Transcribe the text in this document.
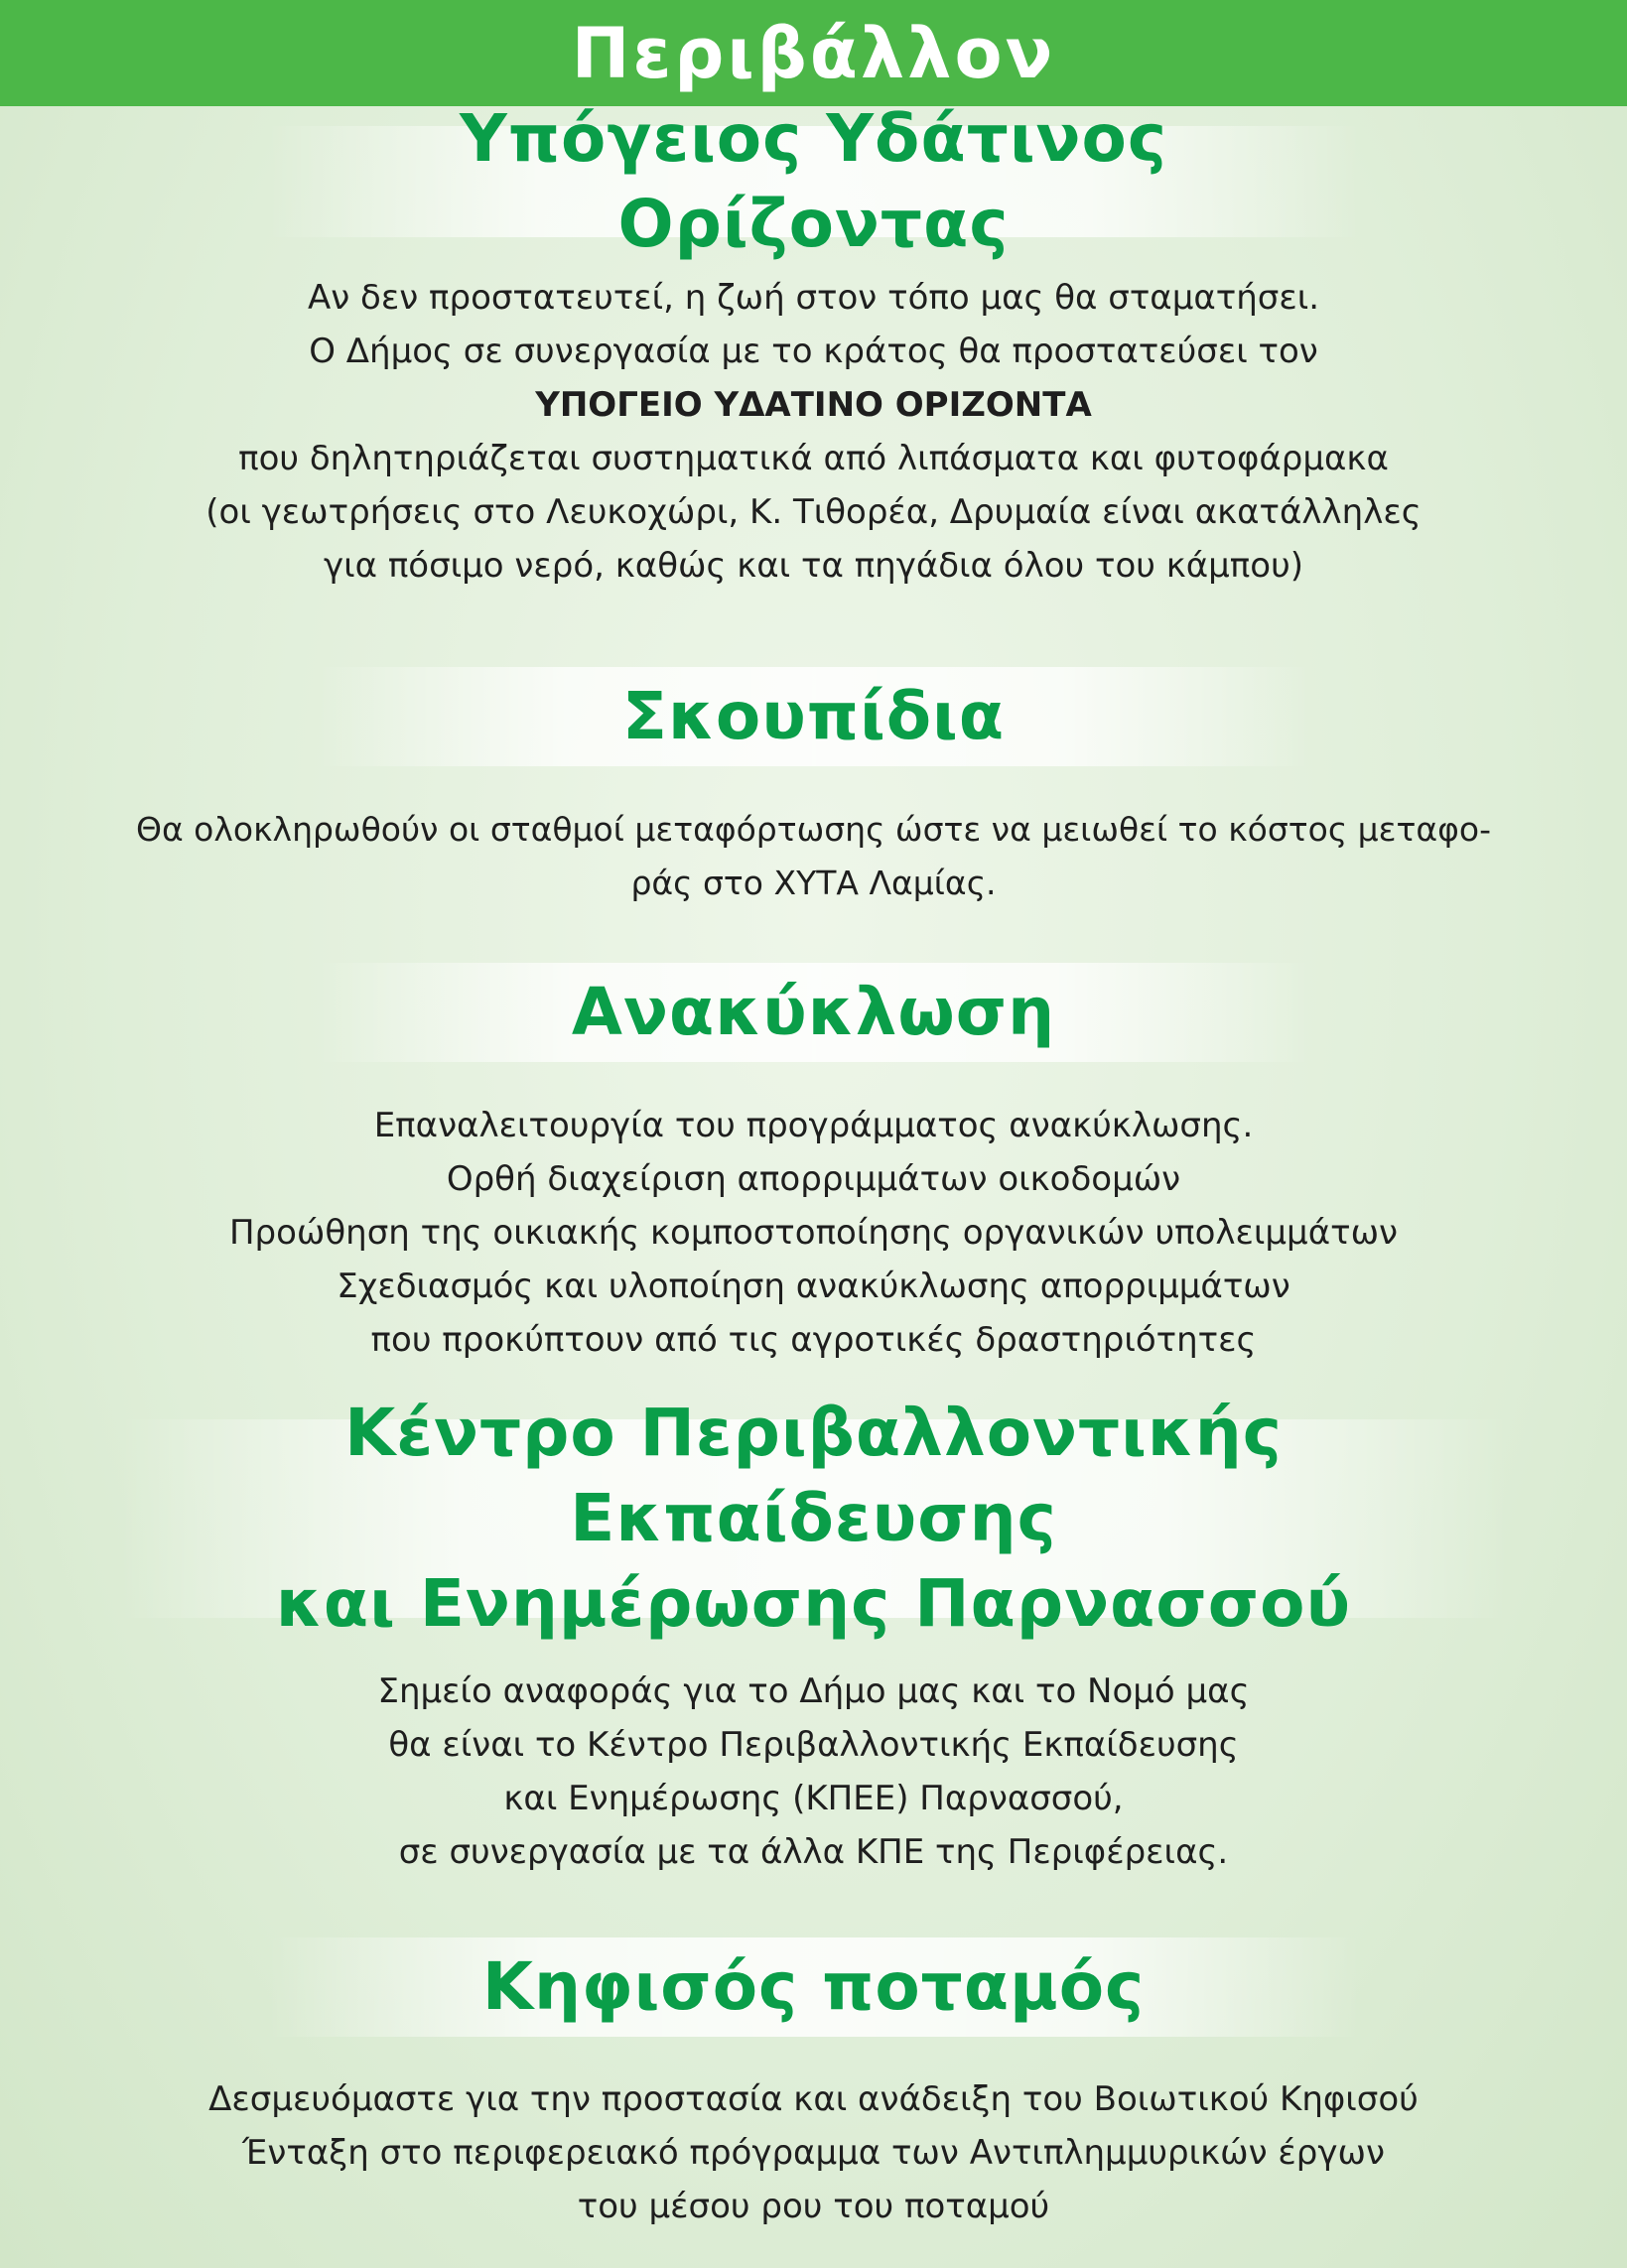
Περιβάλλον
Υπόγειος Υδάτινος Ορίζοντας
Αν δεν προστατευτεί, η ζωή στον τόπο μας θα σταματήσει.
Ο Δήμος σε συνεργασία με το κράτος θα προστατεύσει τον
ΥΠΟΓΕΙΟ ΥΔΑΤΙΝΟ ΟΡΙΖΟΝΤΑ
που δηλητηριάζεται συστηματικά από λιπάσματα και φυτοφάρμακα
(οι γεωτρήσεις στο Λευκοχώρι, Κ. Τιθορέα, Δρυμαία είναι ακατάλληλες
για πόσιμο νερό, καθώς και τα πηγάδια όλου του κάμπου)
Σκουπίδια
Θα ολοκληρωθούν οι σταθμοί μεταφόρτωσης ώστε να μειωθεί το κόστος μεταφο-
ράς στο ΧΥΤΑ Λαμίας.
Ανακύκλωση
Επαναλειτουργία του προγράμματος ανακύκλωσης.
Ορθή διαχείριση απορριμμάτων οικοδομών
Προώθηση της οικιακής κομποστοποίησης οργανικών υπολειμμάτων
Σχεδιασμός και υλοποίηση ανακύκλωσης απορριμμάτων
που προκύπτουν από τις αγροτικές δραστηριότητες
Κέντρο Περιβαλλοντικής Εκπαίδευσης
και Ενημέρωσης Παρνασσού
Σημείο αναφοράς για το Δήμο μας και το Νομό μας
θα είναι το Κέντρο Περιβαλλοντικής Εκπαίδευσης
και Ενημέρωσης (ΚΠΕΕ) Παρνασσού,
σε συνεργασία με τα άλλα ΚΠΕ της Περιφέρειας.
Κηφισός ποταμός
Δεσμευόμαστε για την προστασία και ανάδειξη του Βοιωτικού Κηφισού
Ένταξη στο περιφερειακό πρόγραμμα των Αντιπλημμυρικών έργων
του μέσου ρου του ποταμού
